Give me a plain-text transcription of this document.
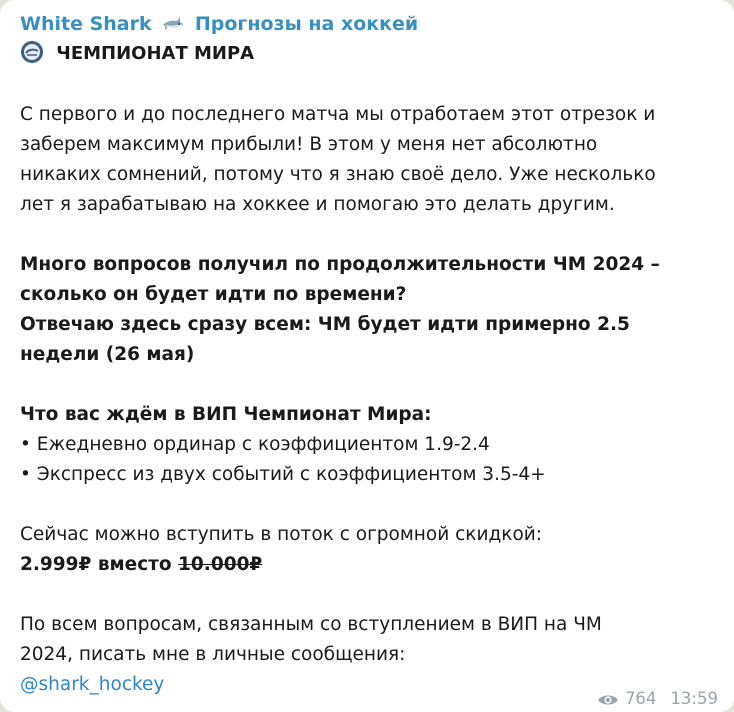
White Shark Прогнозы на хоккей
ЧЕМПИОНАТ МИРА
С первого и до последнего матча мы отработаем этот отрезок и
заберем максимум прибыли! В этом у меня нет абсолютно
никаких сомнений, потому что я знаю своё дело. Уже несколько
лет я зарабатываю на хоккее и помогаю это делать другим.
Много вопросов получил по продолжительности ЧМ 2024 –
сколько он будет идти по времени?
Отвечаю здесь сразу всем: ЧМ будет идти примерно 2.5
недели (26 мая)
Что вас ждём в ВИП Чемпионат Мира:
• Ежедневно ординар с коэффициентом 1.9-2.4
• Экспресс из двух событий с коэффициентом 3.5-4+
Сейчас можно вступить в поток с огромной скидкой:
2.999₽ вместо 10.000₽
По всем вопросам, связанным со вступлением в ВИП на ЧМ
2024, писать мне в личные сообщения:
@shark_hockey
764 13:59
